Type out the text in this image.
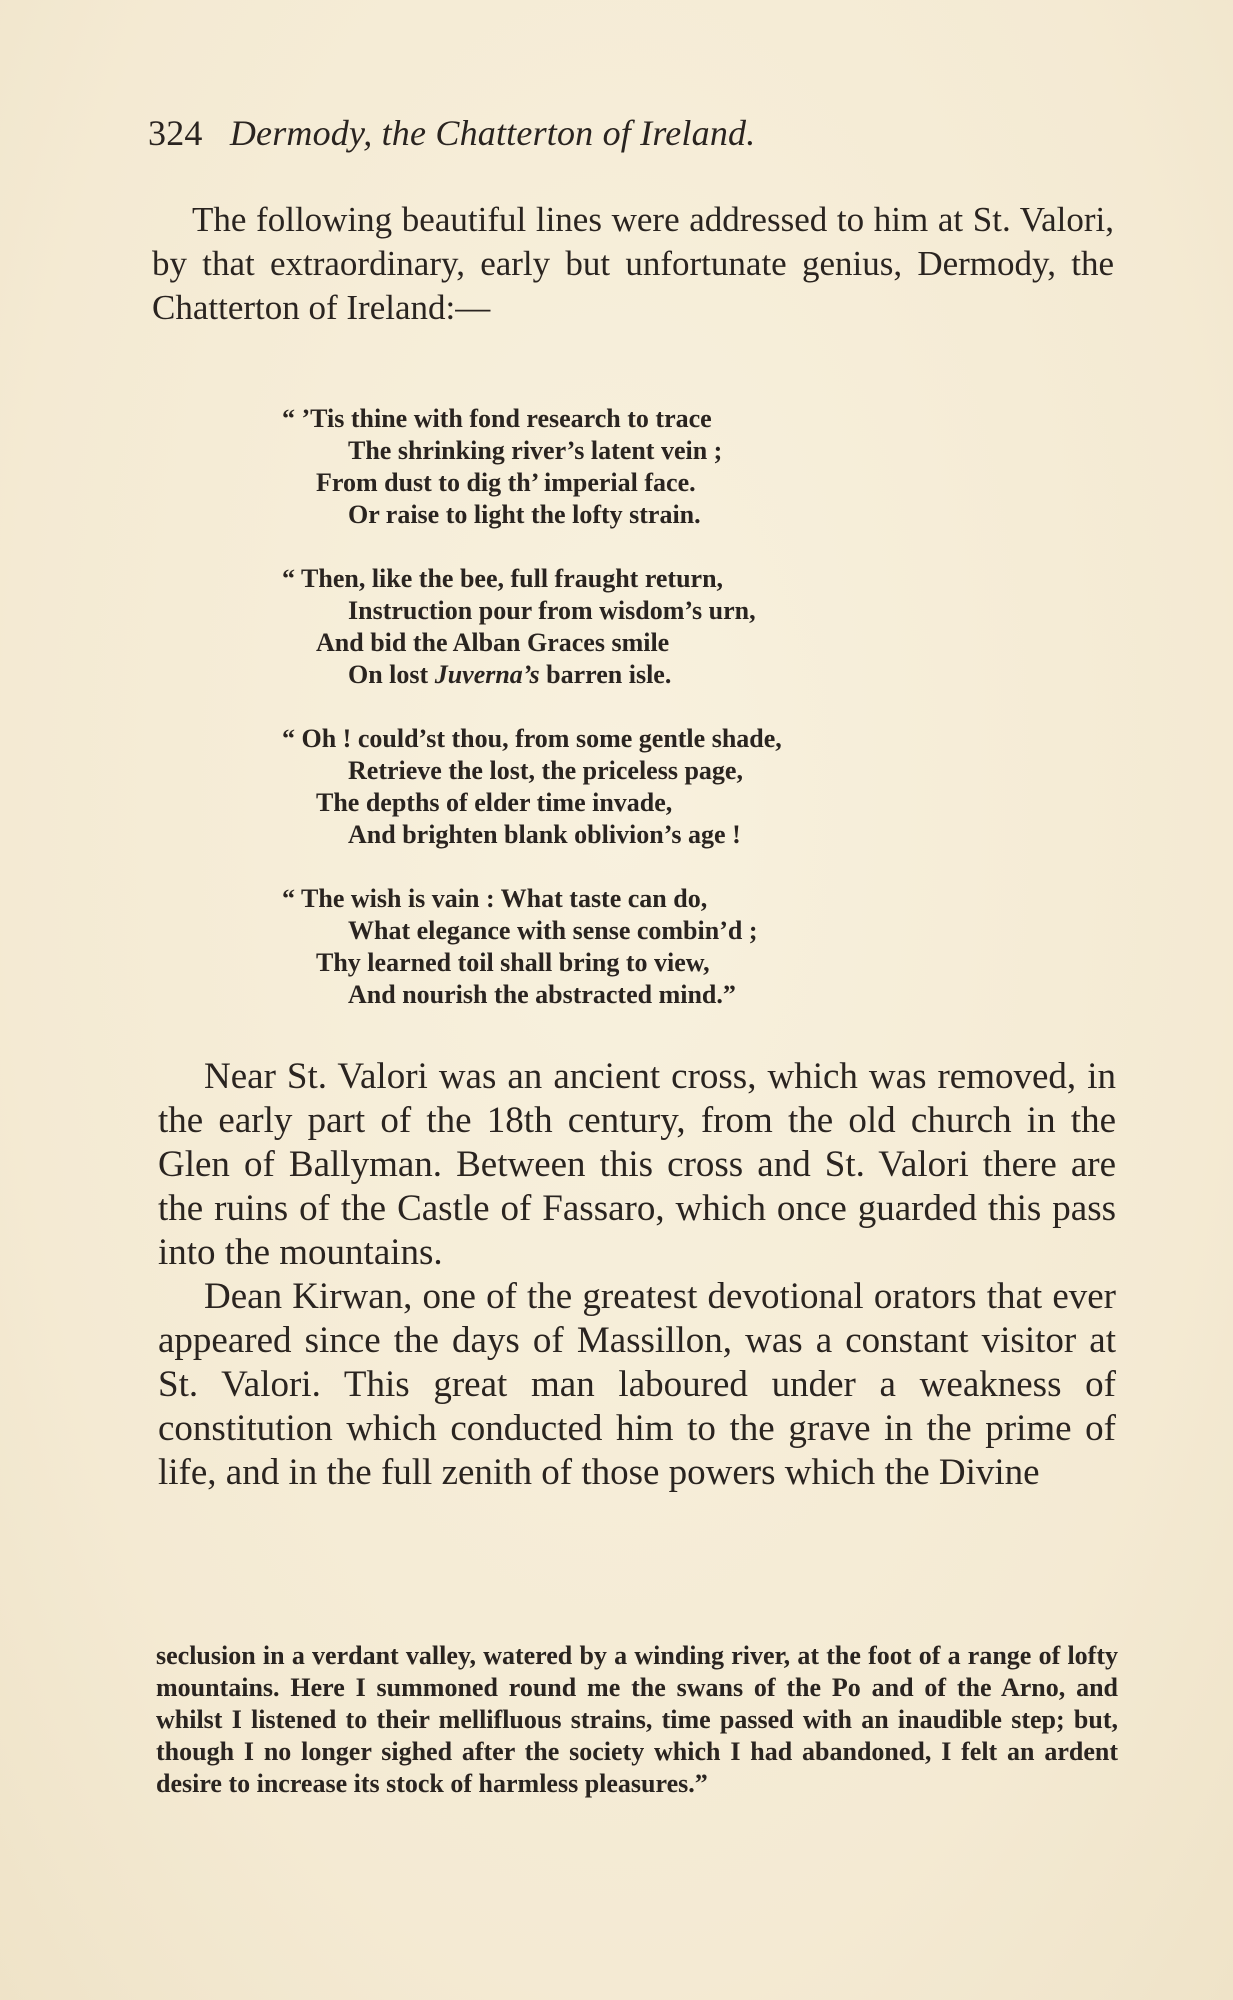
324 Dermody, the Chatterton of Ireland.
The following beautiful lines were addressed to him at St. Valori, by that extraordinary, early but unfortunate genius, Dermody, the Chatterton of Ireland:—
“ ’Tis thine with fond research to trace
The shrinking river’s latent vein ;
From dust to dig th’ imperial face.
Or raise to light the lofty strain.
“ Then, like the bee, full fraught return,
Instruction pour from wisdom’s urn,
And bid the Alban Graces smile
On lost Juverna’s barren isle.
“ Oh ! could’st thou, from some gentle shade,
Retrieve the lost, the priceless page,
The depths of elder time invade,
And brighten blank oblivion’s age !
“ The wish is vain : What taste can do,
What elegance with sense combin’d ;
Thy learned toil shall bring to view,
And nourish the abstracted mind.”

Near St. Valori was an ancient cross, which was removed, in the early part of the 18th century, from the old church in the Glen of Ballyman. Between this cross and St. Valori there are the ruins of the Castle of Fassaro, which once guarded this pass into the mountains.

Dean Kirwan, one of the greatest devotional orators that ever appeared since the days of Massillon, was a constant visitor at St. Valori. This great man laboured under a weakness of constitution which conducted him to the grave in the prime of life, and in the full zenith of those powers which the Divine

seclusion in a verdant valley, watered by a winding river, at the foot of a range of lofty mountains. Here I summoned round me the swans of the Po and of the Arno, and whilst I listened to their mellifluous strains, time passed with an inaudible step; but, though I no longer sighed after the society which I had abandoned, I felt an ardent desire to increase its stock of harmless pleasures.”
